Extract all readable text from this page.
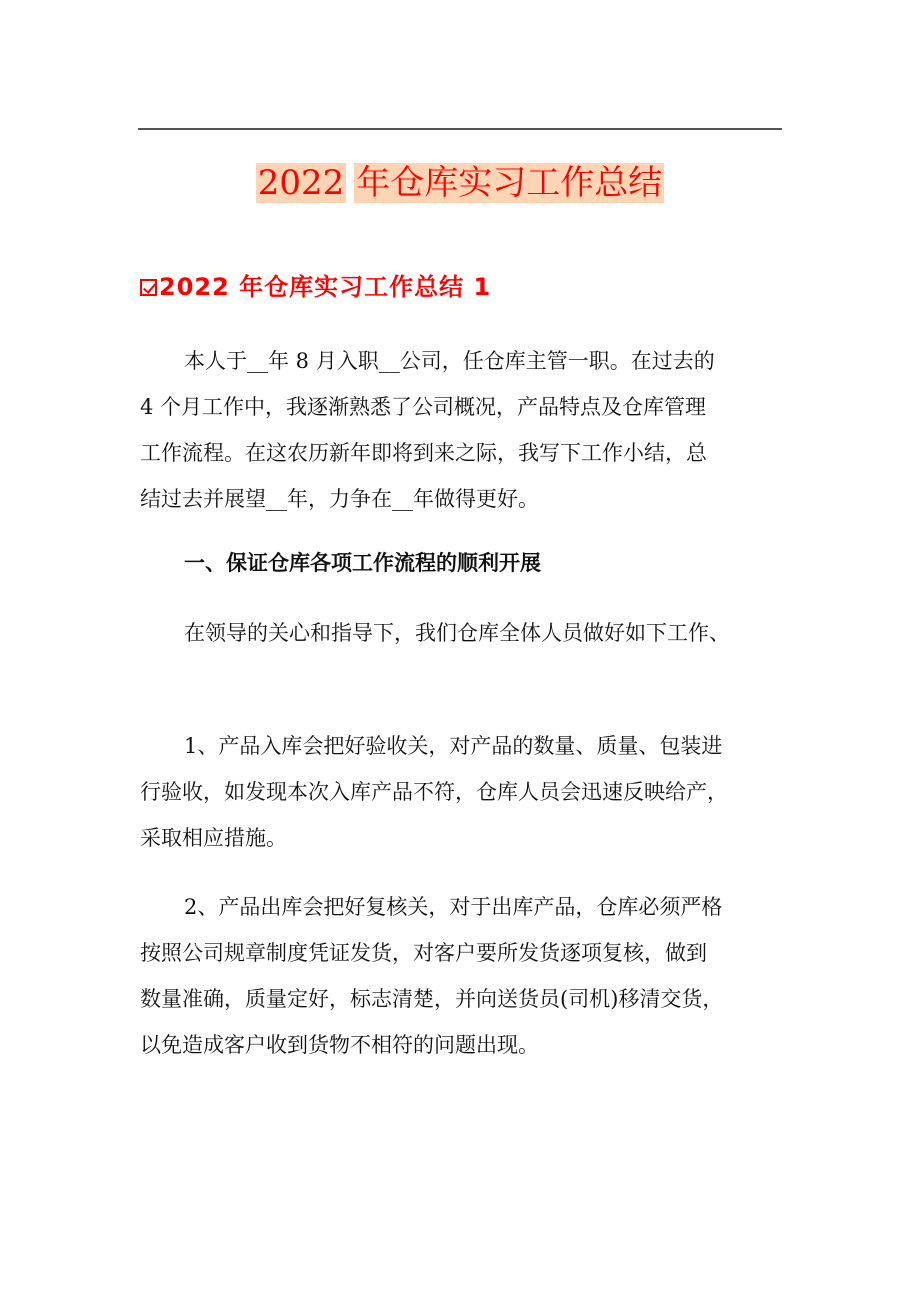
2022 年仓库实习工作总结
2022 年仓库实习工作总结 1
本人于__年 8 月入职__公司，任仓库主管一职。在过去的
4 个月工作中，我逐渐熟悉了公司概况，产品特点及仓库管理
工作流程。在这农历新年即将到来之际，我写下工作小结，总
结过去并展望__年，力争在__年做得更好。
一、保证仓库各项工作流程的顺利开展
在领导的关心和指导下，我们仓库全体人员做好如下工作、
1、产品入库会把好验收关，对产品的数量、质量、包装进
行验收，如发现本次入库产品不符，仓库人员会迅速反映给产，
采取相应措施。
2、产品出库会把好复核关，对于出库产品，仓库必须严格
按照公司规章制度凭证发货，对客户要所发货逐项复核，做到
数量准确，质量定好，标志清楚，并向送货员(司机)移清交货，
以免造成客户收到货物不相符的问题出现。
